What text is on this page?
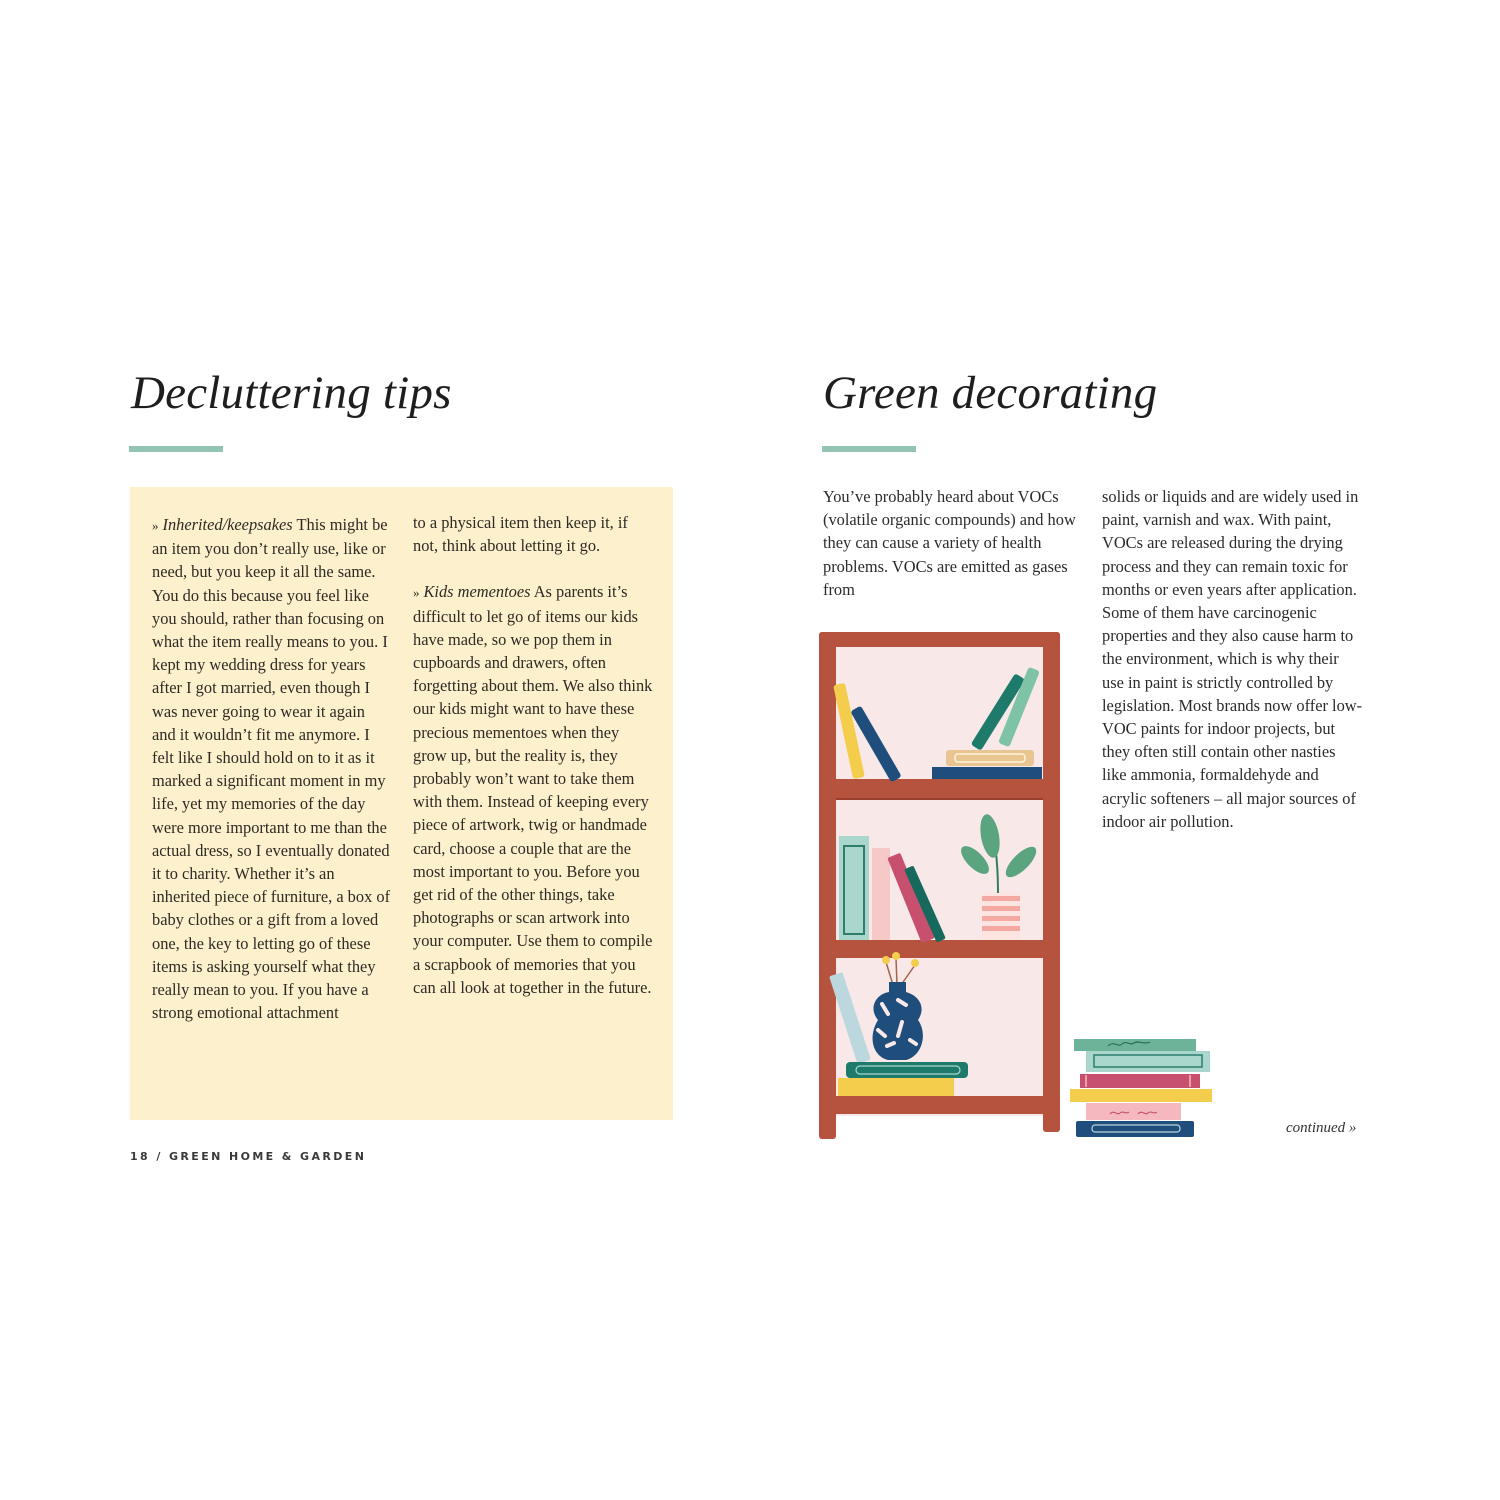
Decluttering tips

» Inherited/keepsakes This might be an item you don’t really use, like or need, but you keep it all the same. You do this because you feel like you should, rather than focusing on what the item really means to you. I kept my wedding dress for years after I got married, even though I was never going to wear it again and it wouldn’t fit me anymore. I felt like I should hold on to it as it marked a significant moment in my life, yet my memories of the day were more important to me than the actual dress, so I eventually donated it to charity. Whether it’s an inherited piece of furniture, a box of baby clothes or a gift from a loved one, the key to letting go of these items is asking yourself what they really mean to you. If you have a strong emotional attachment

to a physical item then keep it, if not, think about letting it go.

» Kids mementoes As parents it’s difficult to let go of items our kids have made, so we pop them in cupboards and drawers, often forgetting about them. We also think our kids might want to have these precious mementoes when they grow up, but the reality is, they probably won’t want to take them with them. Instead of keeping every piece of artwork, twig or handmade card, choose a couple that are the most important to you. Before you get rid of the other things, take photographs or scan artwork into your computer. Use them to compile a scrapbook of memories that you can all look at together in the future.

18 / GREEN HOME & GARDEN
Green decorating

You’ve probably heard about VOCs (volatile organic compounds) and how they can cause a variety of health problems. VOCs are emitted as gases from

solids or liquids and are widely used in paint, varnish and wax. With paint, VOCs are released during the drying process and they can remain toxic for months or even years after application. Some of them have carcinogenic properties and they also cause harm to the environment, which is why their use in paint is strictly controlled by legislation. Most brands now offer low-VOC paints for indoor projects, but they often still contain other nasties like ammonia, formaldehyde and acrylic softeners – all major sources of indoor air pollution.

continued »
